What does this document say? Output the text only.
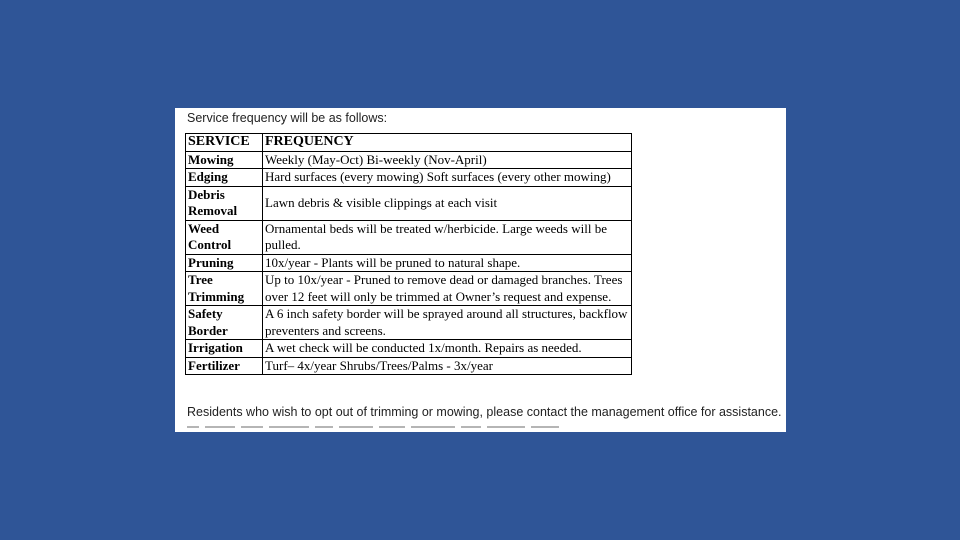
Service frequency will be as follows:
SERVICE	FREQUENCY
Mowing	Weekly (May-Oct) Bi-weekly (Nov-April)
Edging	Hard surfaces (every mowing) Soft surfaces (every other mowing)
Debris Removal	Lawn debris & visible clippings at each visit
Weed Control	Ornamental beds will be treated w/herbicide. Large weeds will be pulled.
Pruning	10x/year - Plants will be pruned to natural shape.
Tree Trimming	Up to 10x/year - Pruned to remove dead or damaged branches. Trees over 12 feet will only be trimmed at Owner’s request and expense.
Safety Border	A 6 inch safety border will be sprayed around all structures, backflow preventers and screens.
Irrigation	A wet check will be conducted 1x/month. Repairs as needed.
Fertilizer	Turf– 4x/year Shrubs/Trees/Palms - 3x/year
Residents who wish to opt out of trimming or mowing, please contact the management office for assistance.
